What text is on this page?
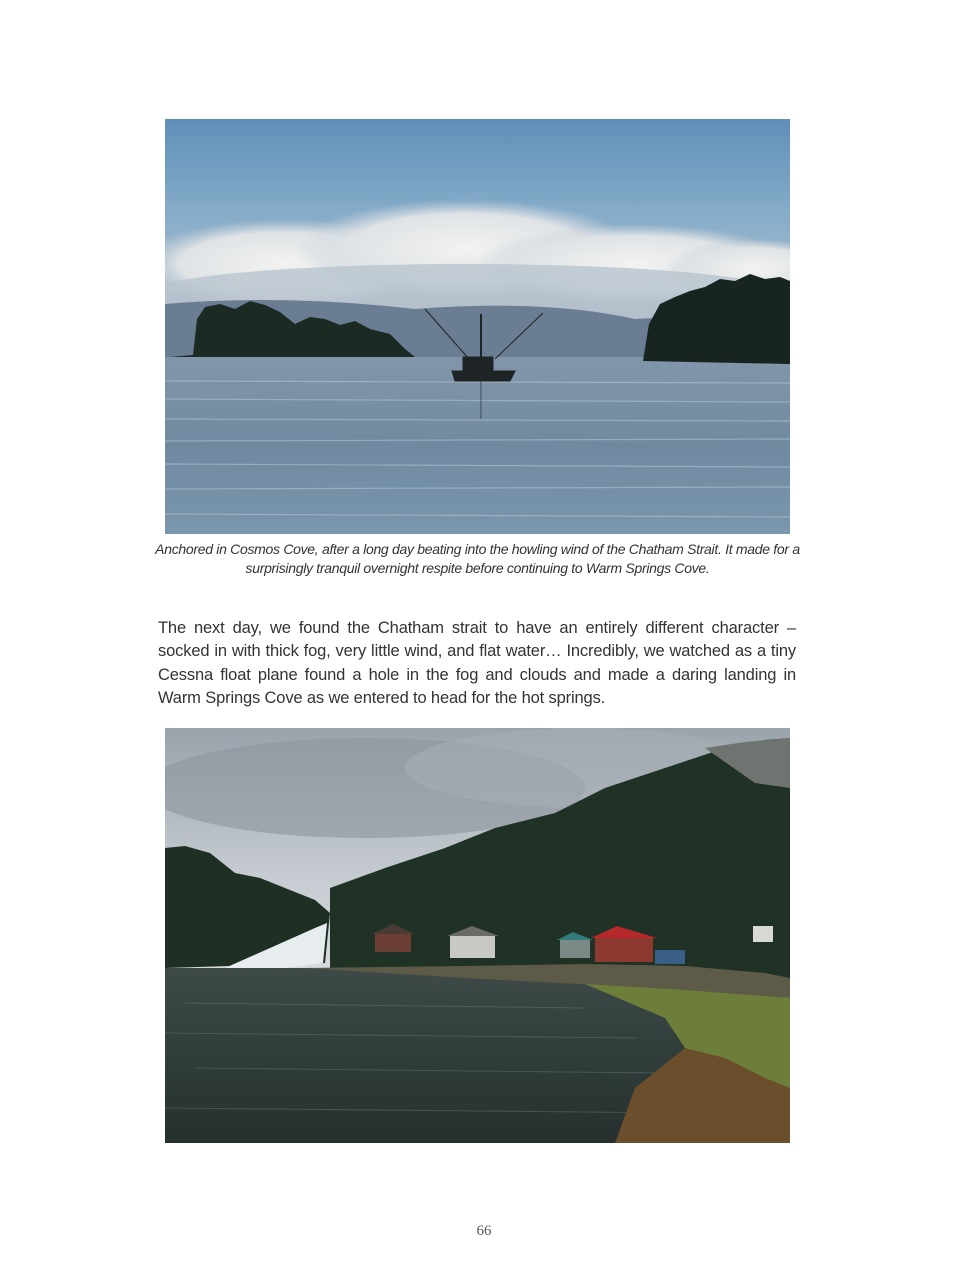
Anchored in Cosmos Cove, after a long day beating into the howling wind of the Chatham Strait. It made for a surprisingly tranquil overnight respite before continuing to Warm Springs Cove.
The next day, we found the Chatham strait to have an entirely different character – socked in with thick fog, very little wind, and flat water… Incredibly, we watched as a tiny Cessna float plane found a hole in the fog and clouds and made a daring landing in Warm Springs Cove as we entered to head for the hot springs.
66
